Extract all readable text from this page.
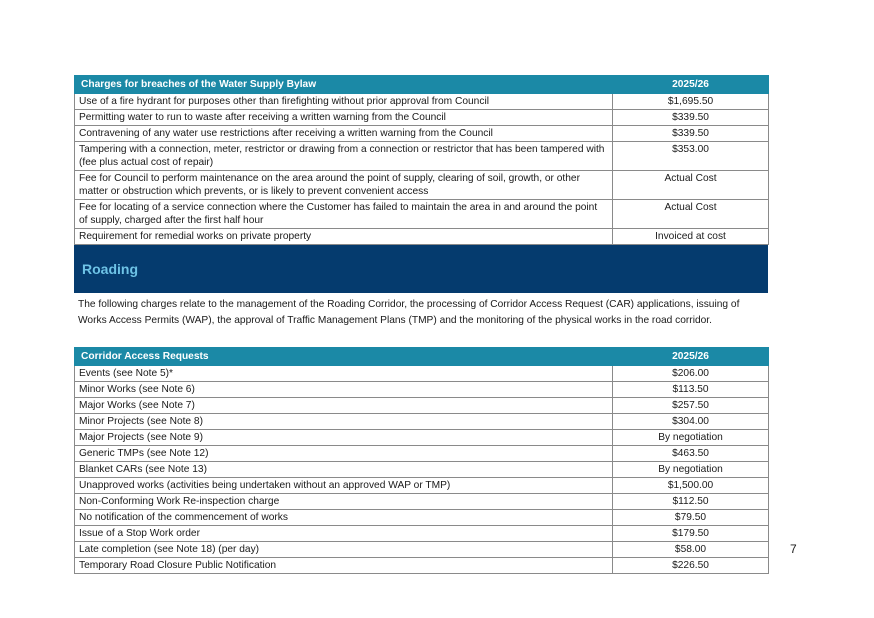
Charges for breaches of the Water Supply Bylaw	2025/26
Use of a fire hydrant for purposes other than firefighting without prior approval from Council	$1,695.50
Permitting water to run to waste after receiving a written warning from the Council	$339.50
Contravening of any water use restrictions after receiving a written warning from the Council	$339.50
Tampering with a connection, meter, restrictor or drawing from a connection or restrictor that has been tampered with (fee plus actual cost of repair)	$353.00
Fee for Council to perform maintenance on the area around the point of supply, clearing of soil, growth, or other matter or obstruction which prevents, or is likely to prevent convenient access	Actual Cost
Fee for locating of a service connection where the Customer has failed to maintain the area in and around the point of supply, charged after the first half hour	Actual Cost
Requirement for remedial works on private property	Invoiced at cost
Roading
The following charges relate to the management of the Roading Corridor, the processing of Corridor Access Request (CAR) applications, issuing of Works Access Permits (WAP), the approval of Traffic Management Plans (TMP) and the monitoring of the physical works in the road corridor.
Corridor Access Requests	2025/26
Events (see Note 5)*	$206.00
Minor Works (see Note 6)	$113.50
Major Works (see Note 7)	$257.50
Minor Projects (see Note 8)	$304.00
Major Projects (see Note 9)	By negotiation
Generic TMPs (see Note 12)	$463.50
Blanket CARs (see Note 13)	By negotiation
Unapproved works (activities being undertaken without an approved WAP or TMP)	$1,500.00
Non-Conforming Work Re-inspection charge	$112.50
No notification of the commencement of works	$79.50
Issue of a Stop Work order	$179.50
Late completion (see Note 18) (per day)	$58.00
Temporary Road Closure Public Notification	$226.50
7
